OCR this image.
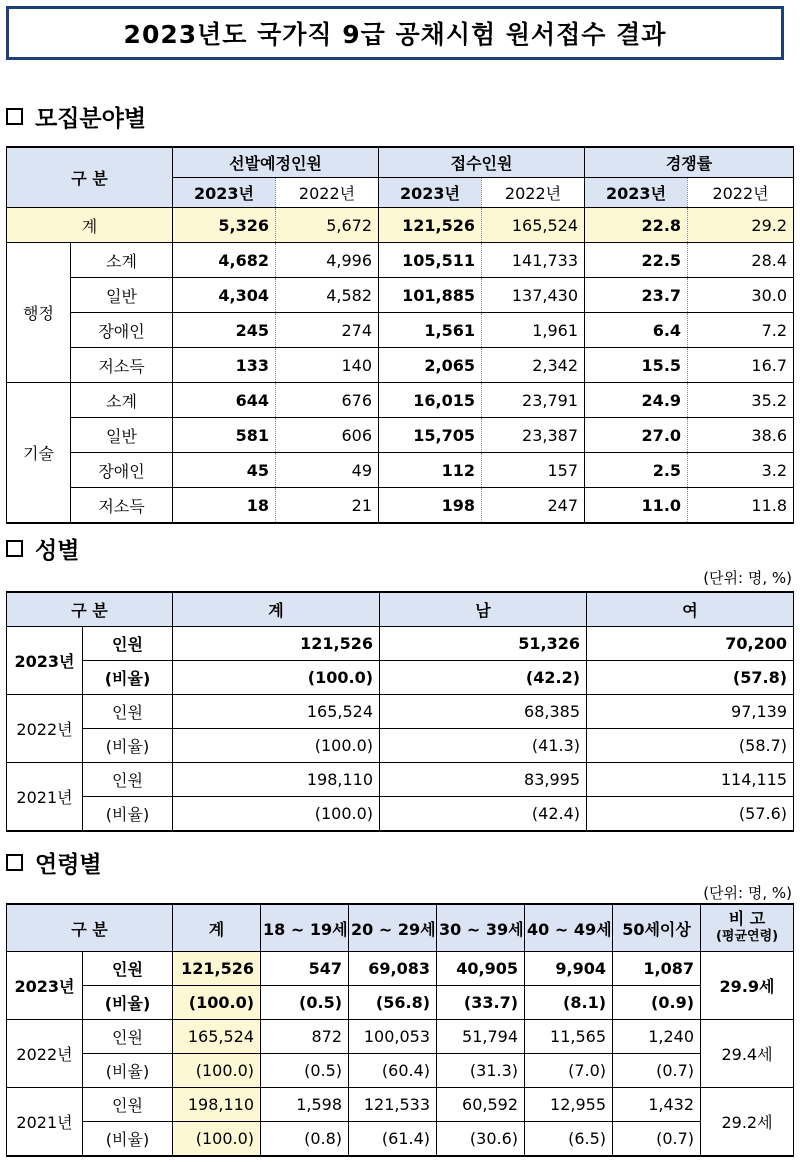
2023년도 국가직 9급 공채시험 원서접수 결과
모집분야별
구 분		선발예정인원		접수인원		경쟁률	
		2023년	2022년	2023년	2022년	2023년	2022년
계		5,326	5,672	121,526	165,524	22.8	29.2
행정	소계	4,682	4,996	105,511	141,733	22.5	28.4
	일반	4,304	4,582	101,885	137,430	23.7	30.0
	장애인	245	274	1,561	1,961	6.4	7.2
	저소득	133	140	2,065	2,342	15.5	16.7
기술	소계	644	676	16,015	23,791	24.9	35.2
	일반	581	606	15,705	23,387	27.0	38.6
	장애인	45	49	112	157	2.5	3.2
	저소득	18	21	198	247	11.0	11.8
성별
(단위: 명, %)
구 분		계	남	여
2023년	인원	121,526	51,326	70,200
	(비율)	(100.0)	(42.2)	(57.8)
2022년	인원	165,524	68,385	97,139
	(비율)	(100.0)	(41.3)	(58.7)
2021년	인원	198,110	83,995	114,115
	(비율)	(100.0)	(42.4)	(57.6)
연령별
(단위: 명, %)
구 분		계	18 ~ 19세	20 ~ 29세	30 ~ 39세	40 ~ 49세	50세이상	비 고
(평균연령)

2023년	인원	121,526	547	69,083	40,905	9,904	1,087	29.9세
	(비율)	(100.0)	(0.5)	(56.8)	(33.7)	(8.1)	(0.9)	
2022년	인원	165,524	872	100,053	51,794	11,565	1,240	29.4세
	(비율)	(100.0)	(0.5)	(60.4)	(31.3)	(7.0)	(0.7)	
2021년	인원	198,110	1,598	121,533	60,592	12,955	1,432	29.2세
	(비율)	(100.0)	(0.8)	(61.4)	(30.6)	(6.5)	(0.7)	
